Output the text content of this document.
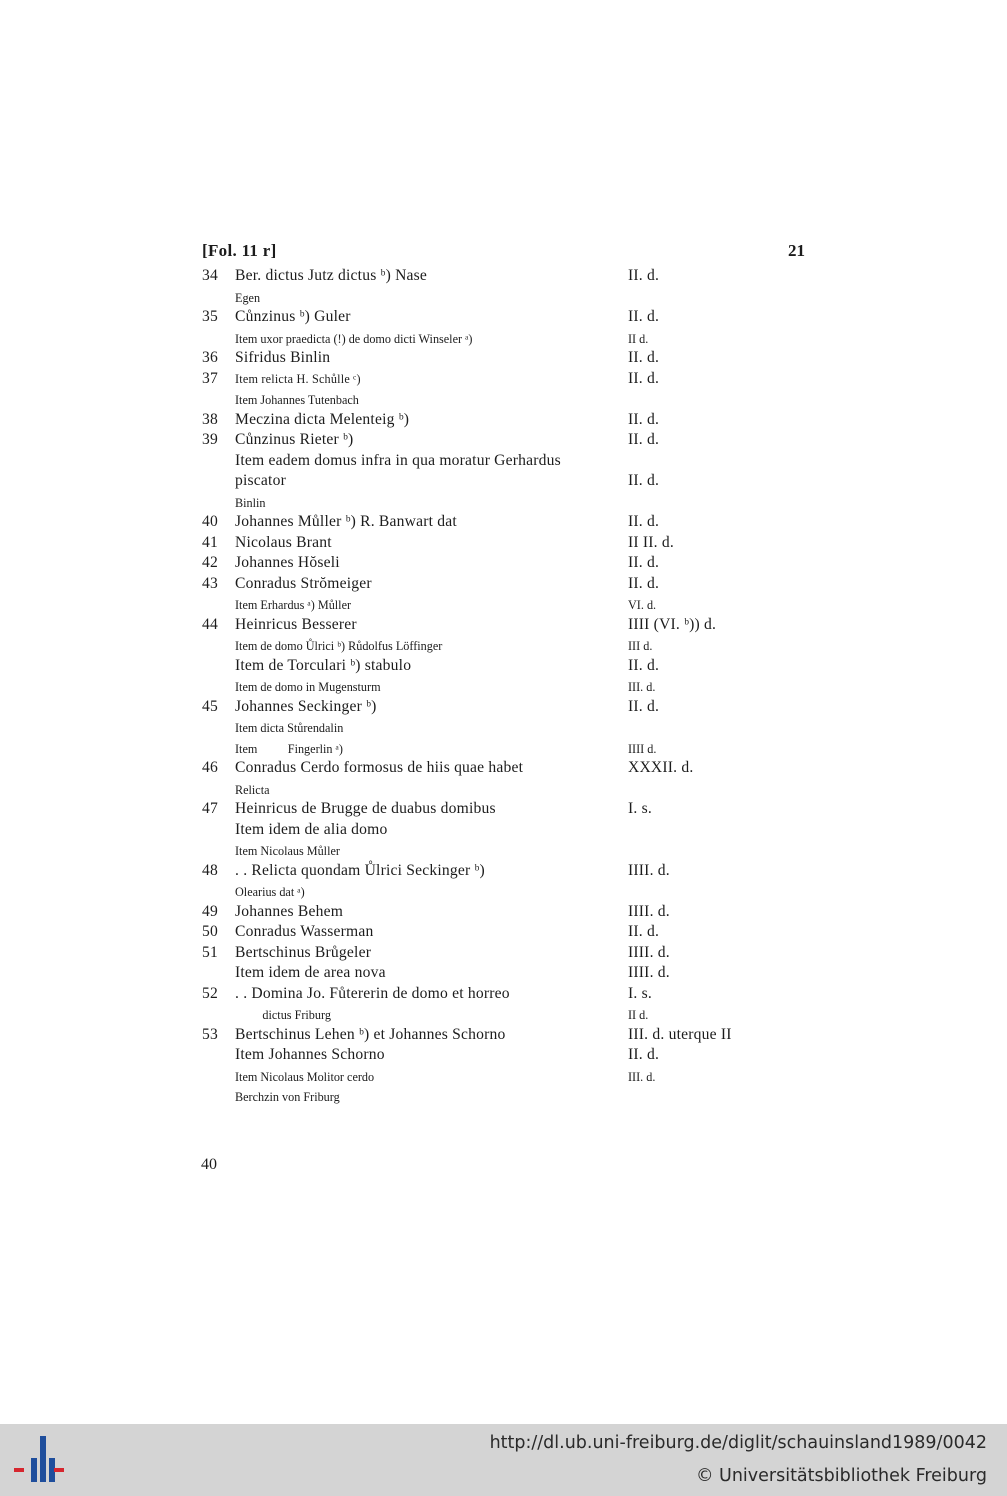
[Fol. 11 r]	21
34	Ber. dictus Jutz dictus ᵇ) Nase	II. d.
Egen
35	Cůnzinus ᵇ) Guler	II. d.
Item uxor praedicta (!) de domo dicti Winseler ᵃ)	II d.
36	Sifridus Binlin	II. d.
37	Item relicta H. Schůlle ᶜ)	II. d.
Item Johannes Tutenbach
38	Meczina dicta Melenteig ᵇ)	II. d.
39	Cůnzinus Rieter ᵇ)	II. d.
Item eadem domus infra in qua moratur Gerhardus
piscator	II. d.
Binlin
40	Johannes Můller ᵇ) R. Banwart dat	II. d.
41	Nicolaus Brant	II II. d.
42	Johannes Hŏseli	II. d.
43	Conradus Strŏmeiger	II. d.
Item Erhardus ᵃ) Můller	VI. d.
44	Heinricus Besserer	IIII (VI. ᵇ)) d.
Item de domo Ůlrici ᵇ) Růdolfus Löffinger	III d.
Item de Torculari ᵇ) stabulo	II. d.
Item de domo in Mugensturm	III. d.
45	Johannes Seckinger ᵇ)	II. d.
Item dicta Stůrendalin
Item          Fingerlin ᵃ)	IIII d.
46	Conradus Cerdo formosus de hiis quae habet	XXXII. d.
Relicta
47	Heinricus de Brugge de duabus domibus	I. s.
Item idem de alia domo
Item Nicolaus Můller
48	. . Relicta quondam Ůlrici Seckinger ᵇ)	IIII. d.
Olearius dat ᵃ)
49	Johannes Behem	IIII. d.
50	Conradus Wasserman	II. d.
51	Bertschinus Brůgeler	IIII. d.
Item idem de area nova	IIII. d.
52	. . Domina Jo. Fůtererin de domo et horreo	I. s.
dictus Friburg	II d.
53	Bertschinus Lehen ᵇ) et Johannes Schorno	III. d. uterque II
Item Johannes Schorno	II. d.
Item Nicolaus Molitor cerdo	III. d.
Berchzin von Friburg
40
http://dl.ub.uni-freiburg.de/diglit/schauinsland1989/0042
© Universitätsbibliothek Freiburg
